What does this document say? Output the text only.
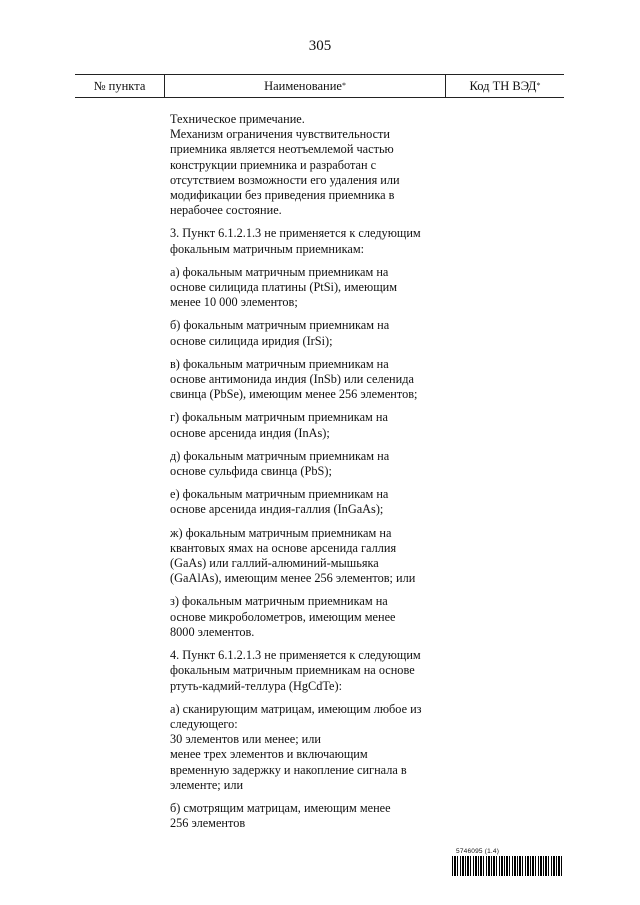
305
№ пункта	Наименование *	Код ТН ВЭД *

Техническое примечание.
Механизм ограничения чувствительности
приемника является неотъемлемой частью
конструкции приемника и разработан с
отсутствием возможности его удаления или
модификации без приведения приемника в
нерабочее состояние.

3. Пункт 6.1.2.1.3 не применяется к следующим
фокальным матричным приемникам:

а) фокальным матричным приемникам на
основе силицида платины (PtSi), имеющим
менее 10 000 элементов;

б) фокальным матричным приемникам на
основе силицида иридия (IrSi);

в) фокальным матричным приемникам на
основе антимонида индия (InSb) или селенида
свинца (PbSe), имеющим менее 256 элементов;

г) фокальным матричным приемникам на
основе арсенида индия (InAs);

д) фокальным матричным приемникам на
основе сульфида свинца (PbS);

е) фокальным матричным приемникам на
основе арсенида индия-галлия (InGaAs);

ж) фокальным матричным приемникам на
квантовых ямах на основе арсенида галлия
(GaAs) или галлий-алюминий-мышьяка
(GaAlAs), имеющим менее 256 элементов; или

з) фокальным матричным приемникам на
основе микроболометров, имеющим менее
8000 элементов.

4. Пункт 6.1.2.1.3 не применяется к следующим
фокальным матричным приемникам на основе
ртуть-кадмий-теллура (HgCdTe):

а) сканирующим матрицам, имеющим любое из
следующего:
30 элементов или менее; или
менее трех элементов и включающим
временную задержку и накопление сигнала в
элементе; или

б) смотрящим матрицам, имеющим менее
256 элементов

5746095 (1.4)
